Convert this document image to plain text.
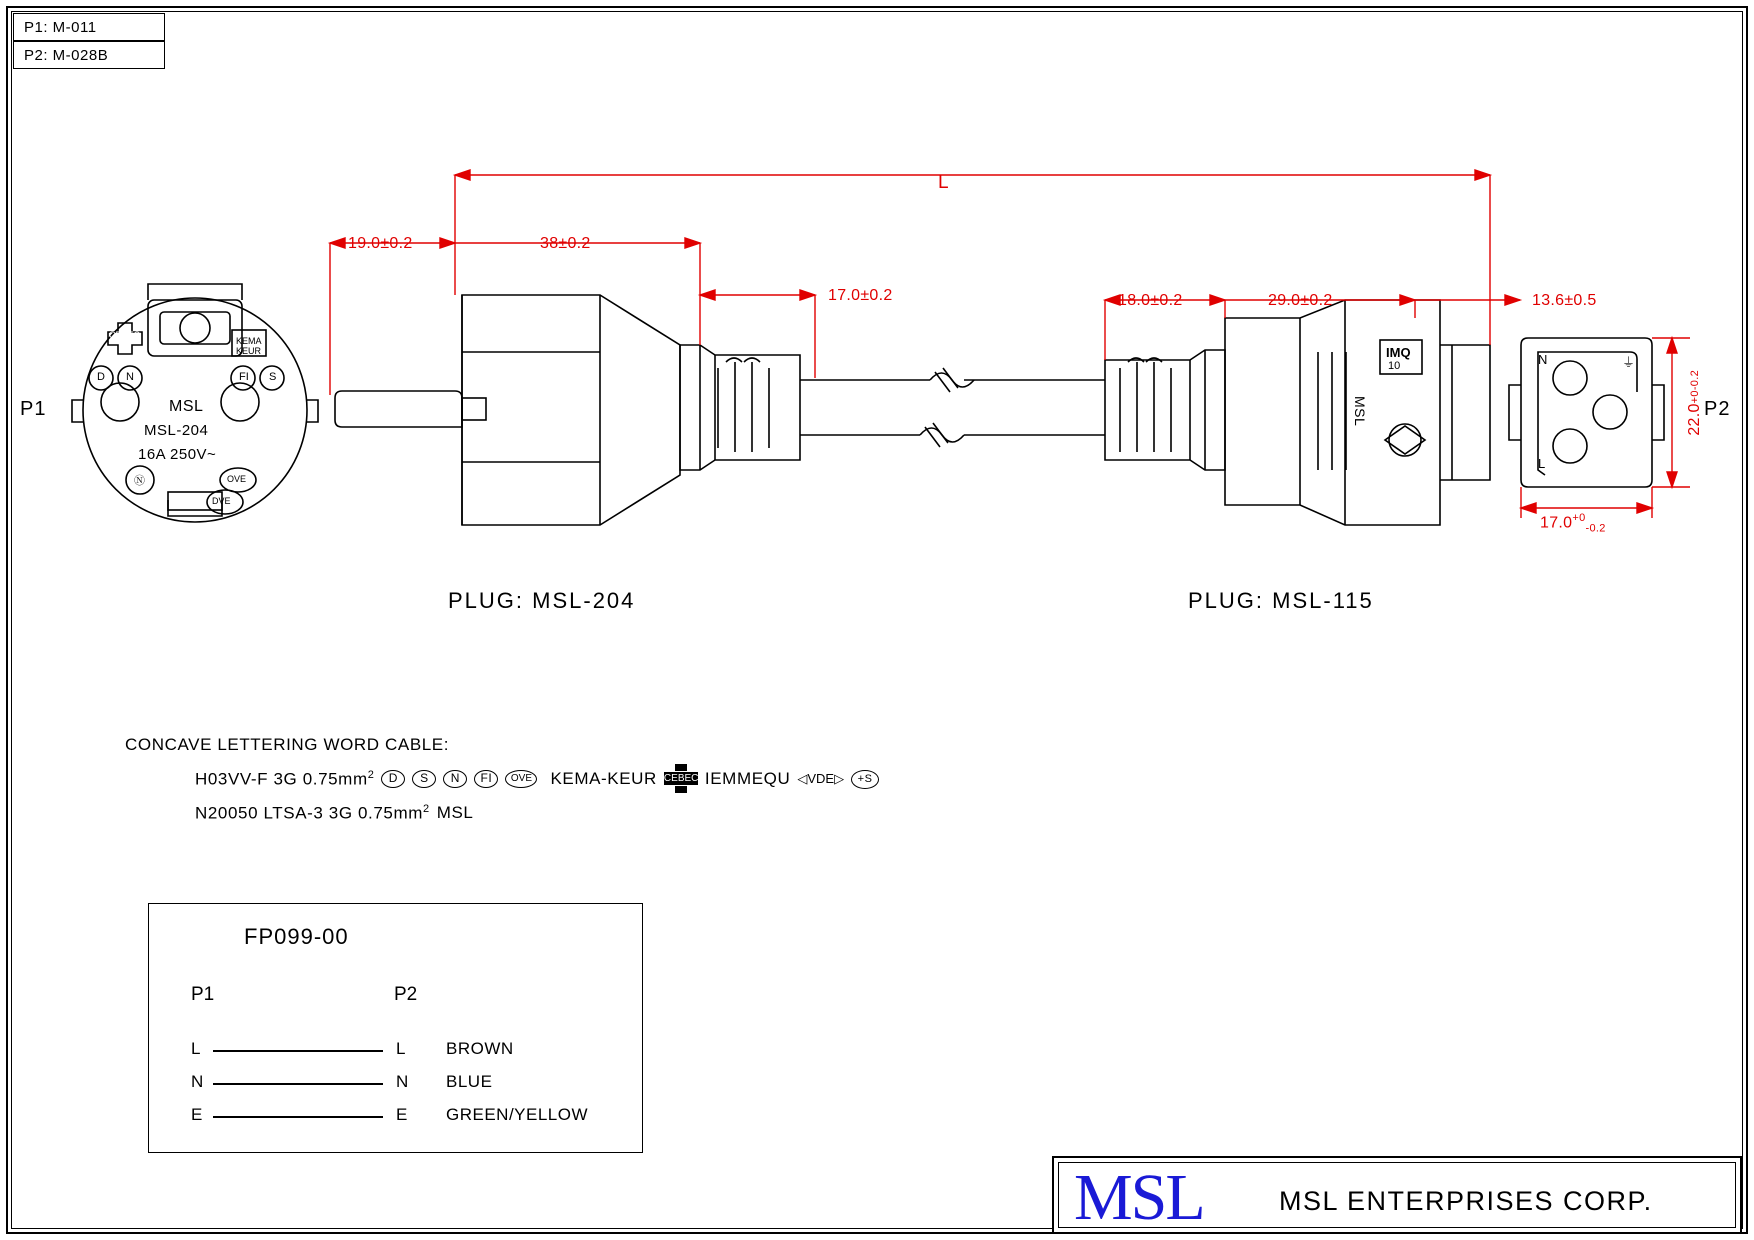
P1: M-011
P2: M-028B
L
19.0±0.2	38±0.2
17.0±0.2	18.0±0.2	29.0±0.2	13.6±0.5
22.0+0-0.2
$17.0^{+0}_{-0.2}$
P1	P2
MSL
MSL-204
16A 250V~
KEMA
KEUR
D N	FI S
OVE
DVE
Ⓝ
CEBEC
MSL
IMQ
10	N	⏚
L
PLUG: MSL-204	PLUG: MSL-115
CONCAVE LETTERING WORD CABLE:
H03VV-F 3G $0.75mm^2$	D	S	N	FI	OVE	KEMA-KEUR CEBEC IEMMEQU ◁VDE▷	+S
N20050 LTSA-3 3G $0.75mm^2$ MSL
FP099-00
P1	P2
L	L BROWN
N	N BLUE
E	E GREEN/YELLOW
MSL	MSL ENTERPRISES CORP.
